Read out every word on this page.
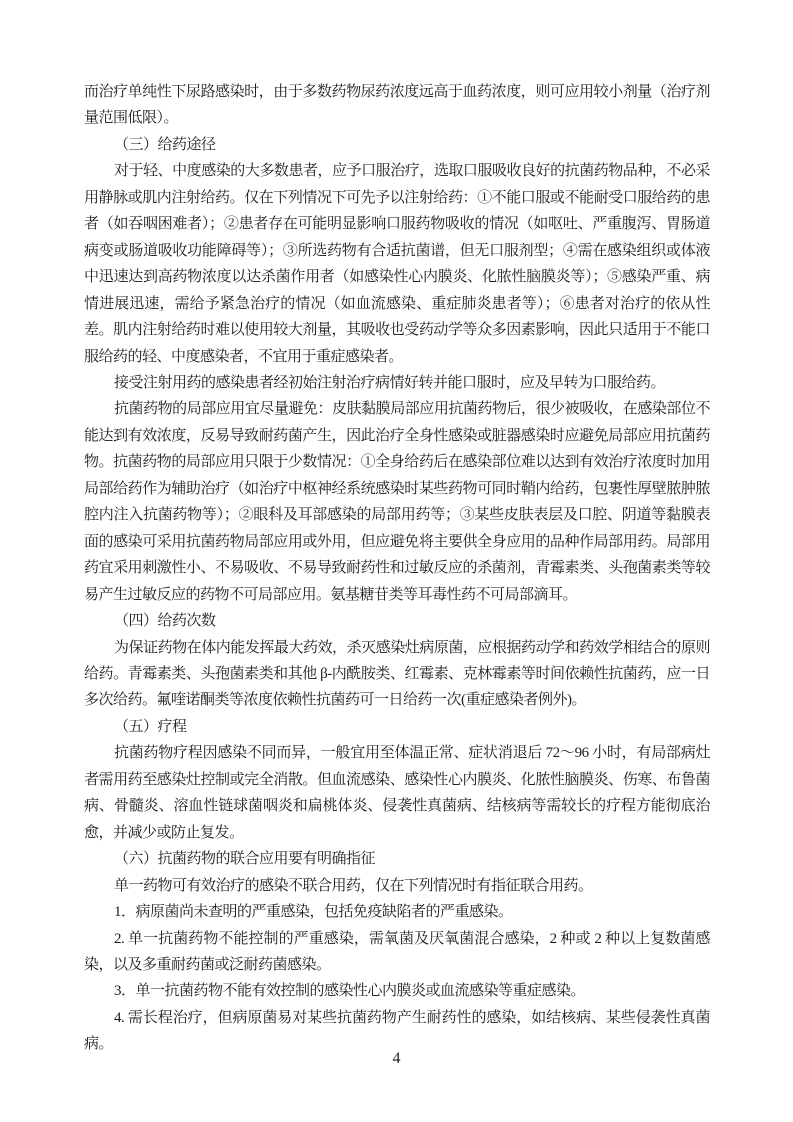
而治疗单纯性下尿路感染时，由于多数药物尿药浓度远高于血药浓度，则可应用较小剂量（治疗剂量范围低限）。

（三）给药途径

对于轻、中度感染的大多数患者，应予口服治疗，选取口服吸收良好的抗菌药物品种，不必采用静脉或肌内注射给药。仅在下列情况下可先予以注射给药：①不能口服或不能耐受口服给药的患者（如吞咽困难者）；②患者存在可能明显影响口服药物吸收的情况（如呕吐、严重腹泻、胃肠道病变或肠道吸收功能障碍等）；③所选药物有合适抗菌谱，但无口服剂型；④需在感染组织或体液中迅速达到高药物浓度以达杀菌作用者（如感染性心内膜炎、化脓性脑膜炎等）；⑤感染严重、病情进展迅速，需给予紧急治疗的情况（如血流感染、重症肺炎患者等）；⑥患者对治疗的依从性差。肌内注射给药时难以使用较大剂量，其吸收也受药动学等众多因素影响，因此只适用于不能口服给药的轻、中度感染者，不宜用于重症感染者。

接受注射用药的感染患者经初始注射治疗病情好转并能口服时，应及早转为口服给药。

抗菌药物的局部应用宜尽量避免：皮肤黏膜局部应用抗菌药物后，很少被吸收，在感染部位不能达到有效浓度，反易导致耐药菌产生，因此治疗全身性感染或脏器感染时应避免局部应用抗菌药物。抗菌药物的局部应用只限于少数情况：①全身给药后在感染部位难以达到有效治疗浓度时加用局部给药作为辅助治疗（如治疗中枢神经系统感染时某些药物可同时鞘内给药，包裹性厚壁脓肿脓腔内注入抗菌药物等）；②眼科及耳部感染的局部用药等；③某些皮肤表层及口腔、阴道等黏膜表面的感染可采用抗菌药物局部应用或外用，但应避免将主要供全身应用的品种作局部用药。局部用药宜采用刺激性小、不易吸收、不易导致耐药性和过敏反应的杀菌剂，青霉素类、头孢菌素类等较易产生过敏反应的药物不可局部应用。氨基糖苷类等耳毒性药不可局部滴耳。

（四）给药次数

为保证药物在体内能发挥最大药效，杀灭感染灶病原菌，应根据药动学和药效学相结合的原则给药。青霉素类、头孢菌素类和其他 β-内酰胺类、红霉素、克林霉素等时间依赖性抗菌药，应一日多次给药。氟喹诺酮类等浓度依赖性抗菌药可一日给药一次(重症感染者例外)。

（五）疗程

抗菌药物疗程因感染不同而异，一般宜用至体温正常、症状消退后 72～96 小时，有局部病灶者需用药至感染灶控制或完全消散。但血流感染、感染性心内膜炎、化脓性脑膜炎、伤寒、布鲁菌病、骨髓炎、溶血性链球菌咽炎和扁桃体炎、侵袭性真菌病、结核病等需较长的疗程方能彻底治愈，并减少或防止复发。

（六）抗菌药物的联合应用要有明确指征

单一药物可有效治疗的感染不联合用药，仅在下列情况时有指征联合用药。

1．病原菌尚未查明的严重感染，包括免疫缺陷者的严重感染。

2. 单一抗菌药物不能控制的严重感染，需氧菌及厌氧菌混合感染，2 种或 2 种以上复数菌感染，以及多重耐药菌或泛耐药菌感染。

3．单一抗菌药物不能有效控制的感染性心内膜炎或血流感染等重症感染。

4. 需长程治疗，但病原菌易对某些抗菌药物产生耐药性的感染，如结核病、某些侵袭性真菌病。

4
